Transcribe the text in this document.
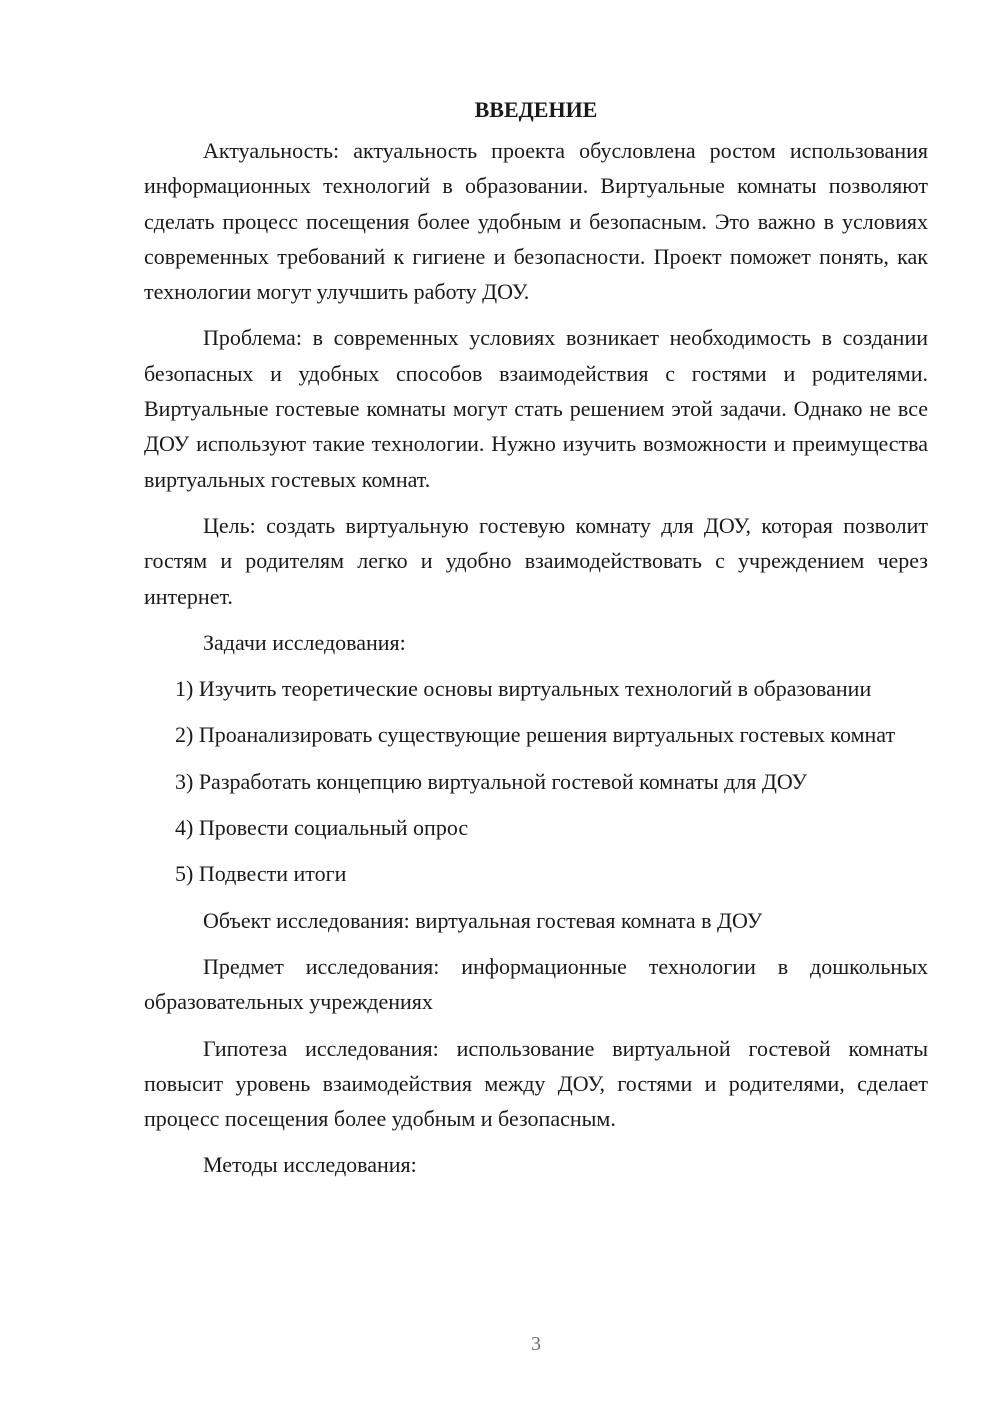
ВВЕДЕНИЕ

Актуальность: актуальность проекта обусловлена ростом использования информационных технологий в образовании. Виртуальные комнаты позволяют сделать процесс посещения более удобным и безопасным. Это важно в условиях современных требований к гигиене и безопасности. Проект поможет понять, как технологии могут улучшить работу ДОУ.

Проблема: в современных условиях возникает необходимость в создании безопасных и удобных способов взаимодействия с гостями и родителями. Виртуальные гостевые комнаты могут стать решением этой задачи. Однако не все ДОУ используют такие технологии. Нужно изучить возможности и преимущества виртуальных гостевых комнат.

Цель: создать виртуальную гостевую комнату для ДОУ, которая позволит гостям и родителям легко и удобно взаимодействовать с учреждением через интернет.

Задачи исследования:

1) Изучить теоретические основы виртуальных технологий в образовании

2) Проанализировать существующие решения виртуальных гостевых комнат

3) Разработать концепцию виртуальной гостевой комнаты для ДОУ

4) Провести социальный опрос

5) Подвести итоги

Объект исследования: виртуальная гостевая комната в ДОУ

Предмет исследования: информационные технологии в дошкольных образовательных учреждениях

Гипотеза исследования: использование виртуальной гостевой комнаты повысит уровень взаимодействия между ДОУ, гостями и родителями, сделает процесс посещения более удобным и безопасным.

Методы исследования:

3
